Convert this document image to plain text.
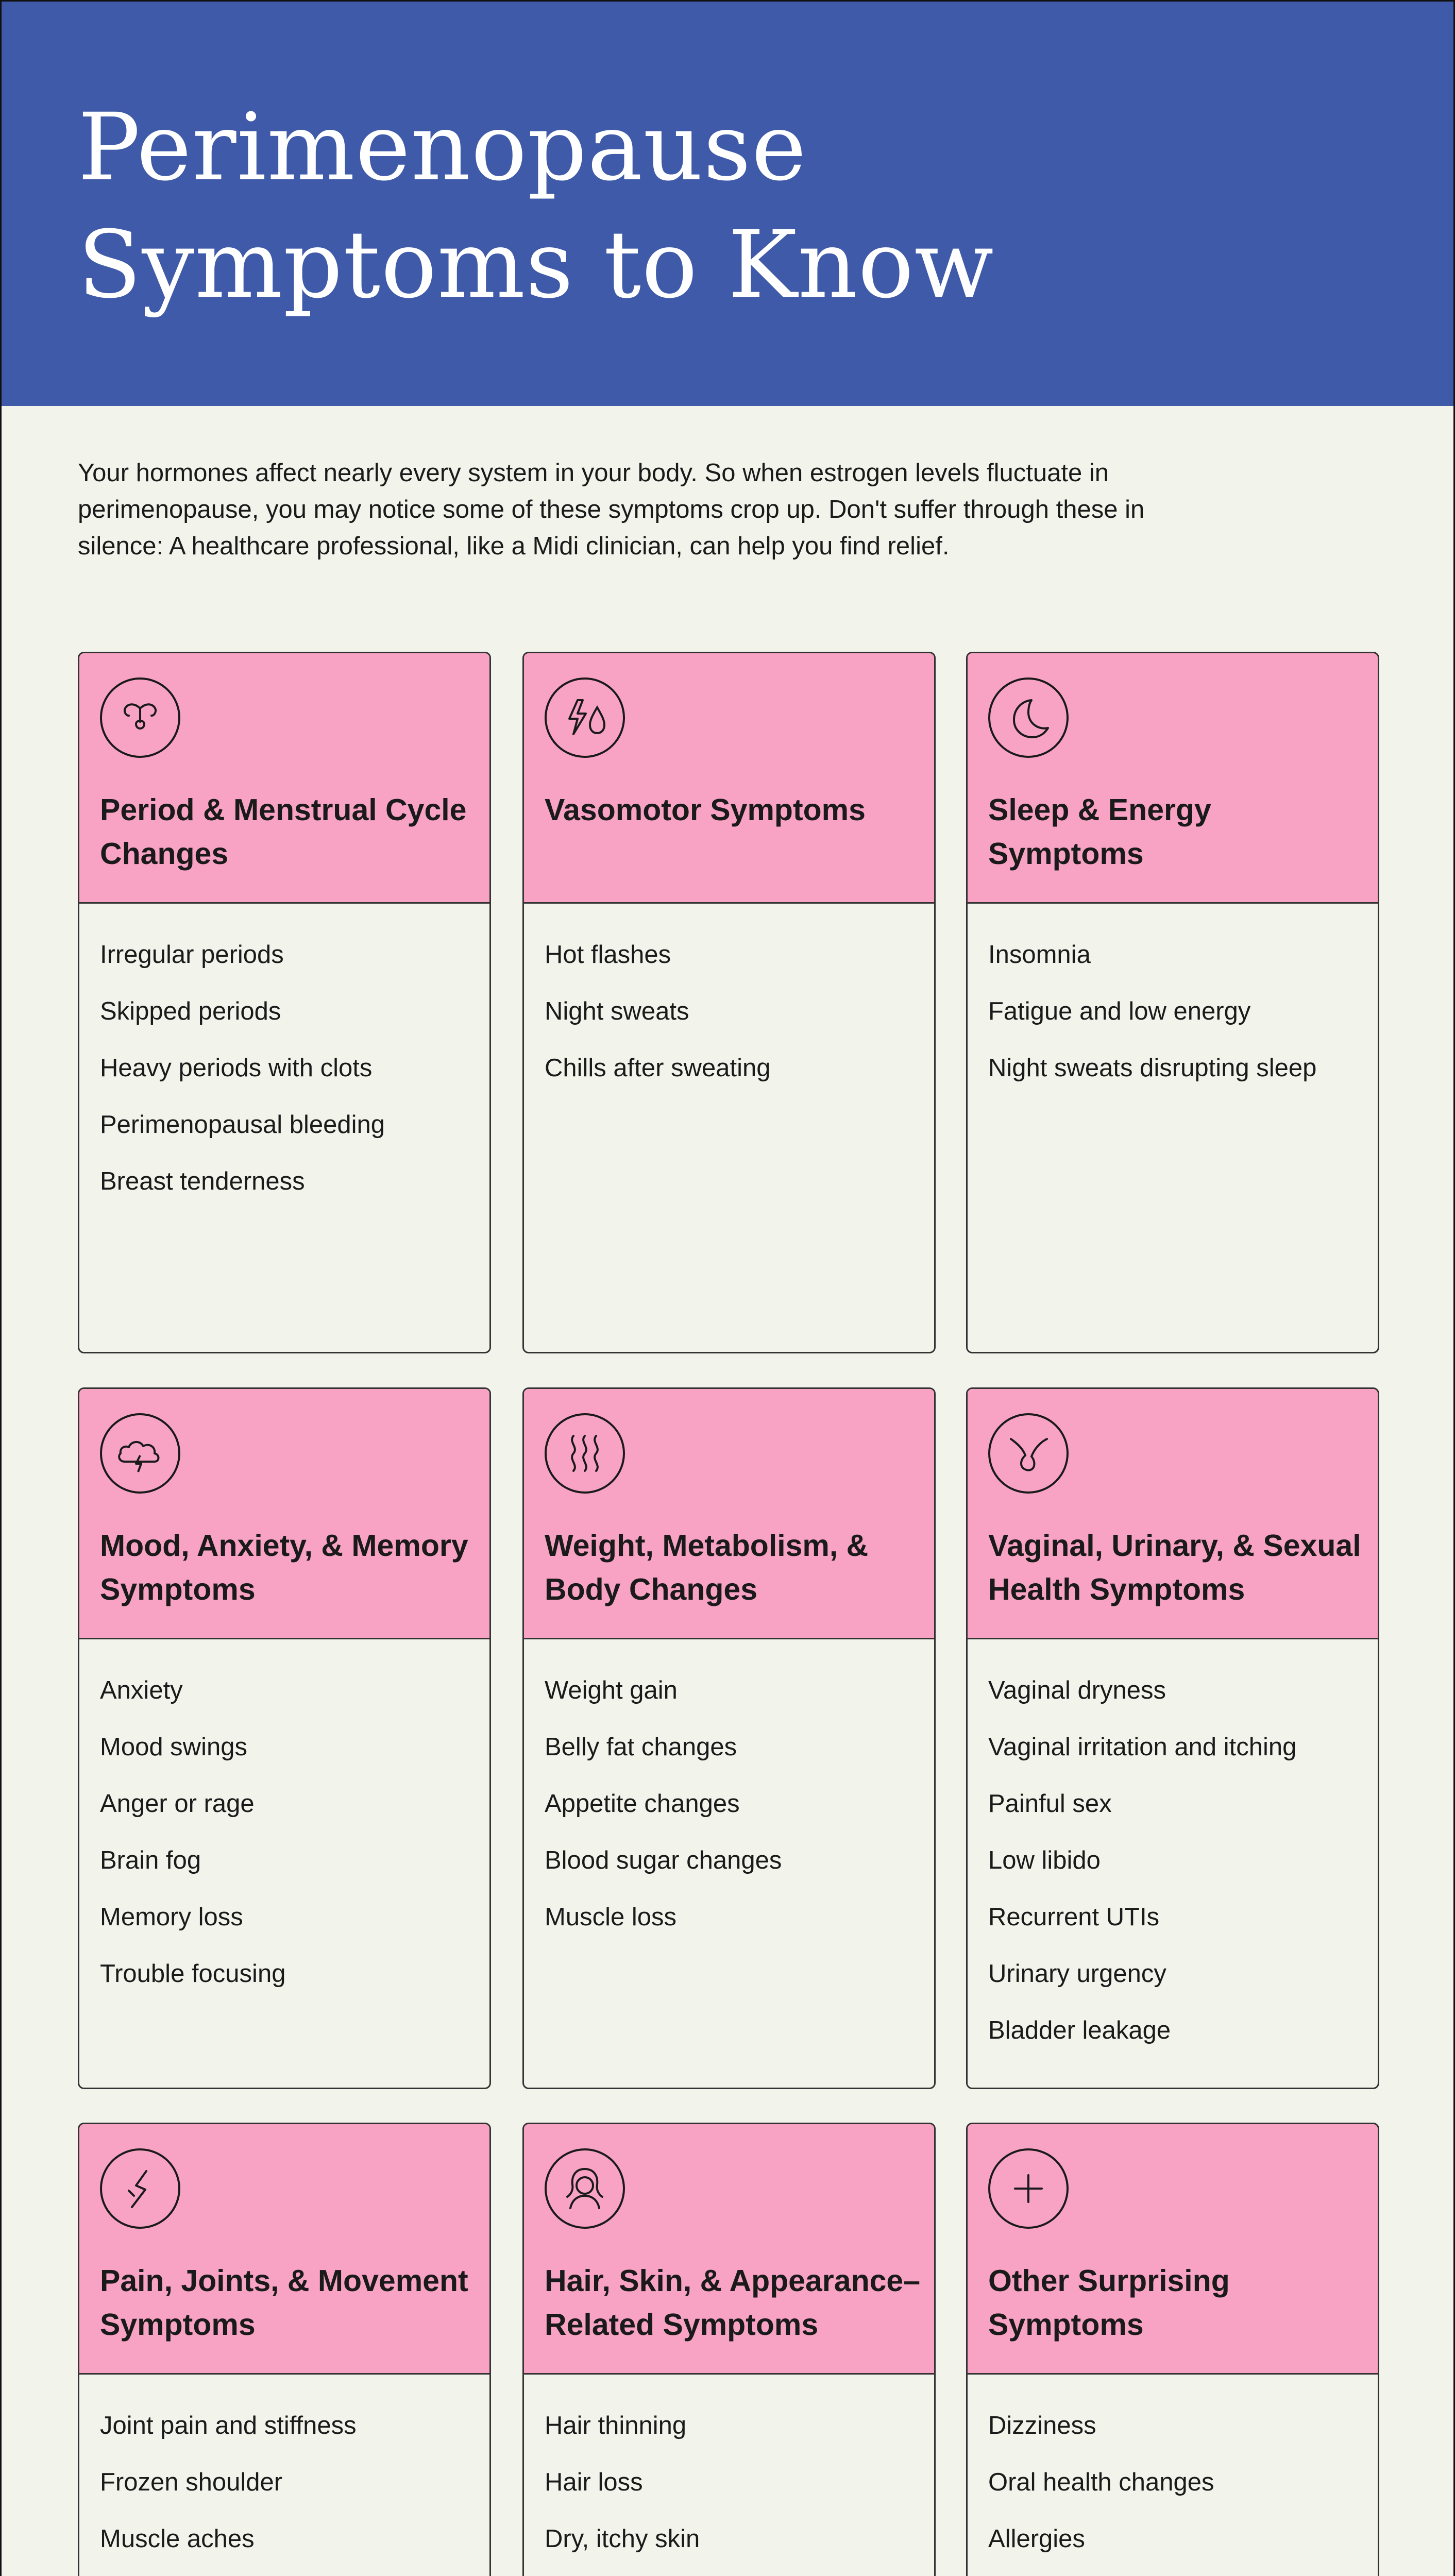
Perimenopause
Symptoms to Know

Your hormones affect nearly every system in your body. So when estrogen levels fluctuate in perimenopause, you may notice some of these symptoms crop up. Don't suffer through these in silence: A healthcare professional, like a Midi clinician, can help you find relief.

Period & Menstrual Cycle Changes
Irregular periods
Skipped periods
Heavy periods with clots
Perimenopausal bleeding
Breast tenderness
Vasomotor Symptoms
Hot flashes
Night sweats
Chills after sweating
Sleep & Energy Symptoms
Insomnia
Fatigue and low energy
Night sweats disrupting sleep
Mood, Anxiety, & Memory Symptoms
Anxiety
Mood swings
Anger or rage
Brain fog
Memory loss
Trouble focusing
Weight, Metabolism, & Body Changes
Weight gain
Belly fat changes
Appetite changes
Blood sugar changes
Muscle loss
Vaginal, Urinary, & Sexual Health Symptoms
Vaginal dryness
Vaginal irritation and itching
Painful sex
Low libido
Recurrent UTIs
Urinary urgency
Bladder leakage
Pain, Joints, & Movement Symptoms
Joint pain and stiffness
Frozen shoulder
Muscle aches
Hair, Skin, & Appearance–Related Symptoms
Hair thinning
Hair loss
Dry, itchy skin
Other Surprising Symptoms
Dizziness
Oral health changes
Allergies
